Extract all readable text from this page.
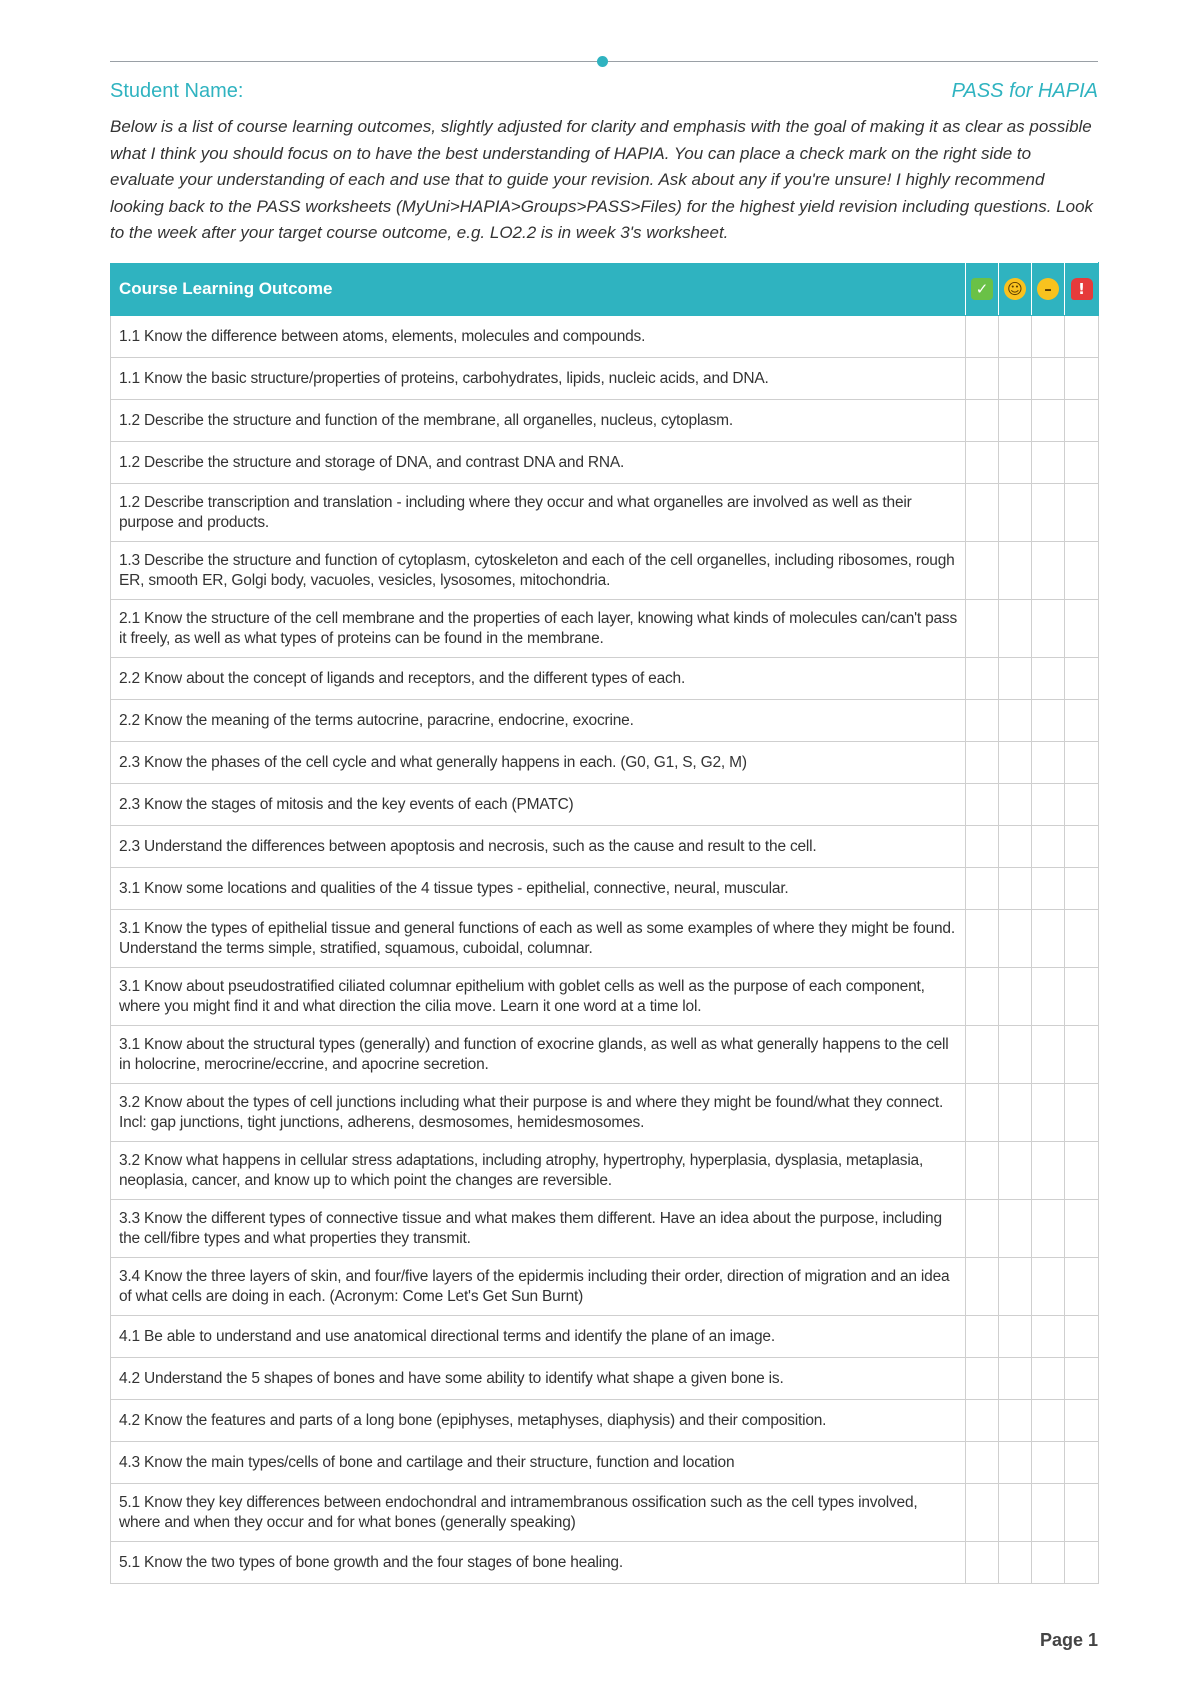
Student Name:	PASS for HAPIA

Below is a list of course learning outcomes, slightly adjusted for clarity and emphasis with the goal of making it as clear as possible what I think you should focus on to have the best understanding of HAPIA. You can place a check mark on the right side to evaluate your understanding of each and use that to guide your revision. Ask about any if you're unsure! I highly recommend looking back to the PASS worksheets (MyUni>HAPIA>Groups>PASS>Files) for the highest yield revision including questions. Look to the week after your target course outcome, e.g. LO2.2 is in week 3's worksheet.

Course Learning Outcome	✓	☺	–	!
1.1 Know the difference between atoms, elements, molecules and compounds.				
1.1 Know the basic structure/properties of proteins, carbohydrates, lipids, nucleic acids, and DNA.				
1.2 Describe the structure and function of the membrane, all organelles, nucleus, cytoplasm.				
1.2 Describe the structure and storage of DNA, and contrast DNA and RNA.				
1.2 Describe transcription and translation - including where they occur and what organelles are involved as well as their purpose and products.				
1.3 Describe the structure and function of cytoplasm, cytoskeleton and each of the cell organelles, including ribosomes, rough ER, smooth ER, Golgi body, vacuoles, vesicles, lysosomes, mitochondria.				
2.1 Know the structure of the cell membrane and the properties of each layer, knowing what kinds of molecules can/can't pass it freely, as well as what types of proteins can be found in the membrane.				
2.2 Know about the concept of ligands and receptors, and the different types of each.				
2.2 Know the meaning of the terms autocrine, paracrine, endocrine, exocrine.				
2.3 Know the phases of the cell cycle and what generally happens in each. (G0, G1, S, G2, M)				
2.3 Know the stages of mitosis and the key events of each (PMATC)				
2.3 Understand the differences between apoptosis and necrosis, such as the cause and result to the cell.				
3.1 Know some locations and qualities of the 4 tissue types - epithelial, connective, neural, muscular.				
3.1 Know the types of epithelial tissue and general functions of each as well as some examples of where they might be found. Understand the terms simple, stratified, squamous, cuboidal, columnar.				
3.1 Know about pseudostratified ciliated columnar epithelium with goblet cells as well as the purpose of each component, where you might find it and what direction the cilia move. Learn it one word at a time lol.				
3.1 Know about the structural types (generally) and function of exocrine glands, as well as what generally happens to the cell in holocrine, merocrine/eccrine, and apocrine secretion.				
3.2 Know about the types of cell junctions including what their purpose is and where they might be found/what they connect. Incl: gap junctions, tight junctions, adherens, desmosomes, hemidesmosomes.				
3.2 Know what happens in cellular stress adaptations, including atrophy, hypertrophy, hyperplasia, dysplasia, metaplasia, neoplasia, cancer, and know up to which point the changes are reversible.				
3.3 Know the different types of connective tissue and what makes them different. Have an idea about the purpose, including the cell/fibre types and what properties they transmit.				
3.4 Know the three layers of skin, and four/five layers of the epidermis including their order, direction of migration and an idea of what cells are doing in each. (Acronym: Come Let's Get Sun Burnt)				
4.1 Be able to understand and use anatomical directional terms and identify the plane of an image.				
4.2 Understand the 5 shapes of bones and have some ability to identify what shape a given bone is.				
4.2 Know the features and parts of a long bone (epiphyses, metaphyses, diaphysis) and their composition.				
4.3 Know the main types/cells of bone and cartilage and their structure, function and location				
5.1 Know they key differences between endochondral and intramembranous ossification such as the cell types involved, where and when they occur and for what bones (generally speaking)				
5.1 Know the two types of bone growth and the four stages of bone healing.				
Page 1
